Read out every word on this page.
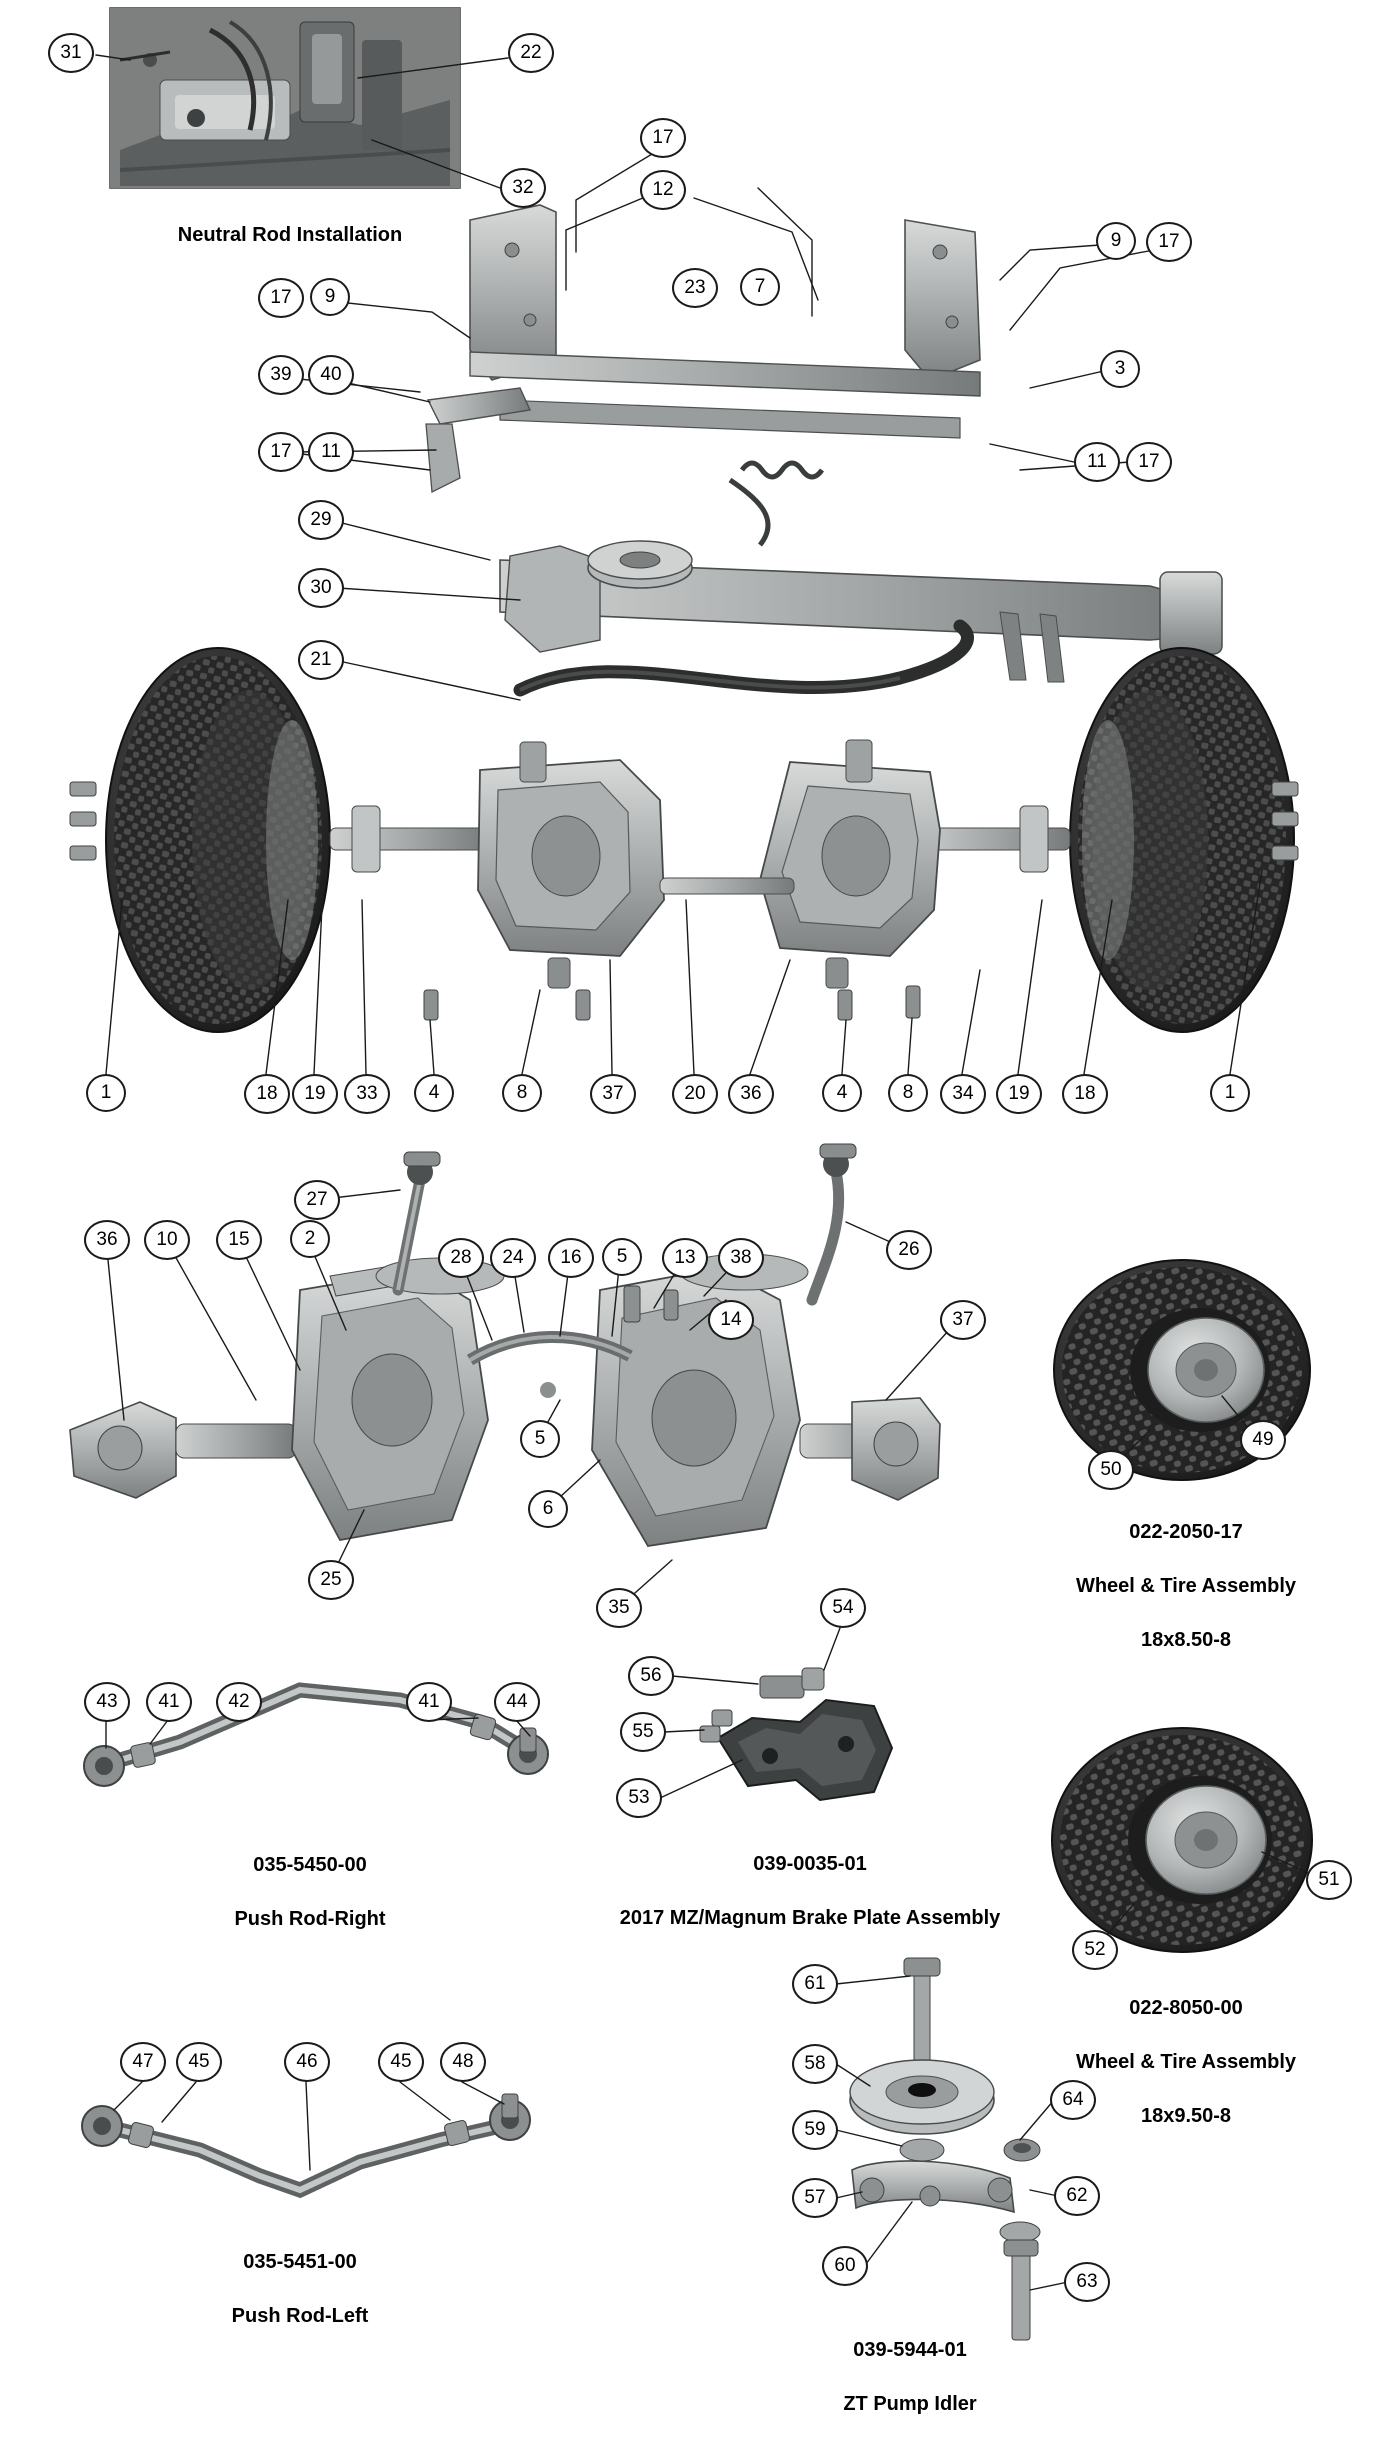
Neutral Rod Installation
31	22
32
17
12
23	7
9	17
17	9
39	40	3
17	11	11	17
29
30
21
1	18	19	33	4	8	37	20	36	4	8	34	19	18	1
27
36	10	15	2
28	24	16	5	13	38
14
26
37
5
6
25
35
50
49
52
51

022-2050-17

Wheel & Tire Assembly

18x8.50-8

022-8050-00

Wheel & Tire Assembly

18x9.50-8

43	41	42	41	44

035-5450-00

Push Rod-Right

54
56
55
53

039-0035-01

2017 MZ/Magnum Brake Plate Assembly

47	45	46	45	48

035-5451-00

Push Rod-Left

61
58
59
64
57	62
60
63

039-5944-01

ZT Pump Idler
